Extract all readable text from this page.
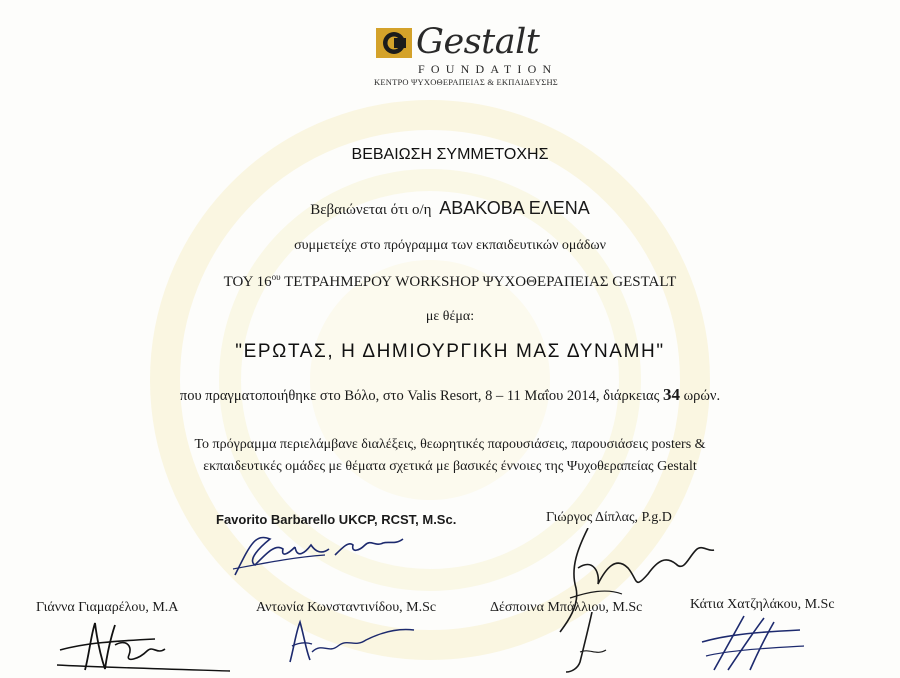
Gestalt
FOUNDATION
ΚΕΝΤΡΟ ΨΥΧΟΘΕΡΑΠΕΙΑΣ & ΕΚΠΑΙΔΕΥΣΗΣ
ΒΕΒΑΙΩΣΗ ΣΥΜΜΕΤΟΧΗΣ
Βεβαιώνεται ότι ο/η ΑΒΑΚΟΒΑ ΕΛΕΝΑ
συμμετείχε στο πρόγραμμα των εκπαιδευτικών ομάδων
ΤΟΥ $16^{o\upsilon}$ ΤΕΤΡΑΗΜΕΡΟΥ WORKSHOP ΨΥΧΟΘΕΡΑΠΕΙΑΣ GESTALT
με θέμα:
"ΕΡΩΤΑΣ, Η ΔΗΜΙΟΥΡΓΙΚΗ ΜΑΣ ΔΥΝΑΜΗ"
που πραγματοποιήθηκε στο Βόλο, στο Valis Resort, 8 – 11 Μαΐου 2014, διάρκειας 34 ωρών.
Το πρόγραμμα περιελάμβανε διαλέξεις, θεωρητικές παρουσιάσεις, παρουσιάσεις posters &
εκπαιδευτικές ομάδες με θέματα σχετικά με βασικές έννοιες της Ψυχοθεραπείας Gestalt
Favorito Barbarello UKCP, RCST, M.Sc.	Γιώργος Δίπλας, P.g.D
Γιάννα Γιαμαρέλου, M.A	Αντωνία Κωνσταντινίδου, M.Sc	Δέσποινα Μπάλλιου, M.Sc	Κάτια Χατζηλάκου, M.Sc
